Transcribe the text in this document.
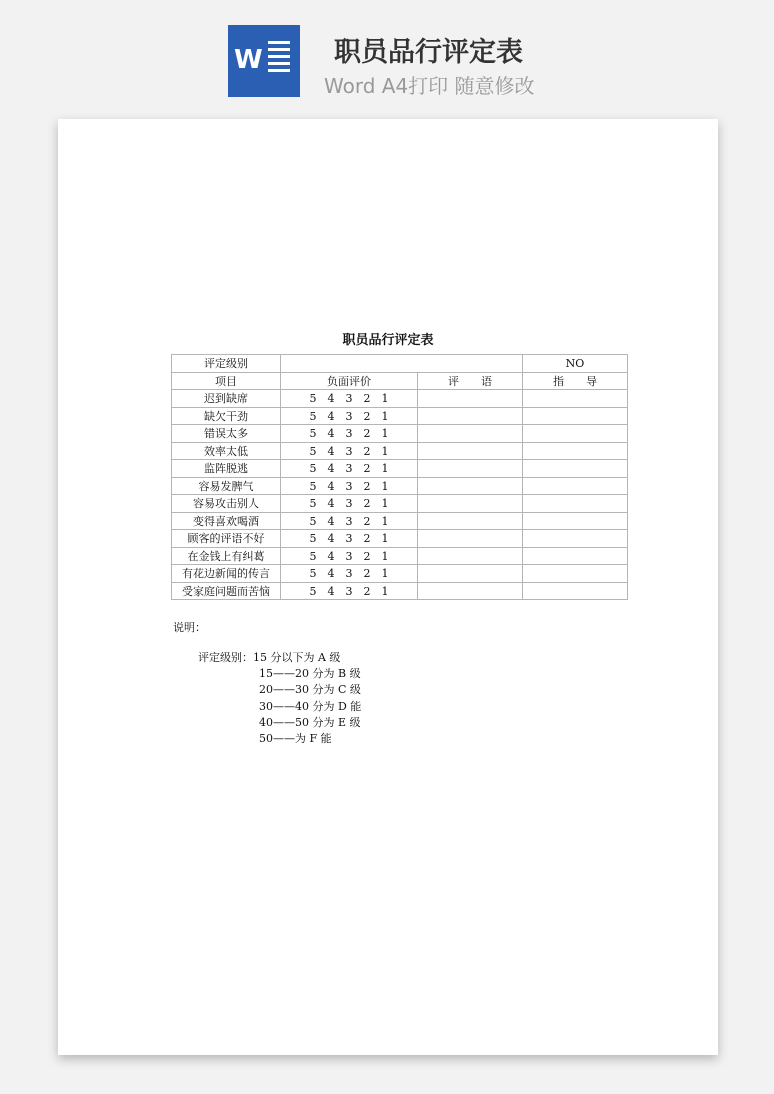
W	职员品行评定表
Word A4打印 随意修改
职员品行评定表
评定级别			NO
项目	负面评价	评　　语	指　　导
迟到缺席	5　4　3　2　1		
缺欠干劲	5　4　3　2　1		
错误太多	5　4　3　2　1		
效率太低	5　4　3　2　1		
监阵脱逃	5　4　3　2　1		
容易发脾气	5　4　3　2　1		
容易攻击别人	5　4　3　2　1		
变得喜欢喝酒	5　4　3　2　1		
顾客的评语不好	5　4　3　2　1		
在金钱上有纠葛	5　4　3　2　1		
有花边新闻的传言	5　4　3　2　1		
受家庭问题而苦恼	5　4　3　2　1		
说明：
评定级别：15 分以下为 A 级
15——20 分为 B 级
20——30 分为 C 级
30——40 分为 D 能
40——50 分为 E 级
50——为 F 能
